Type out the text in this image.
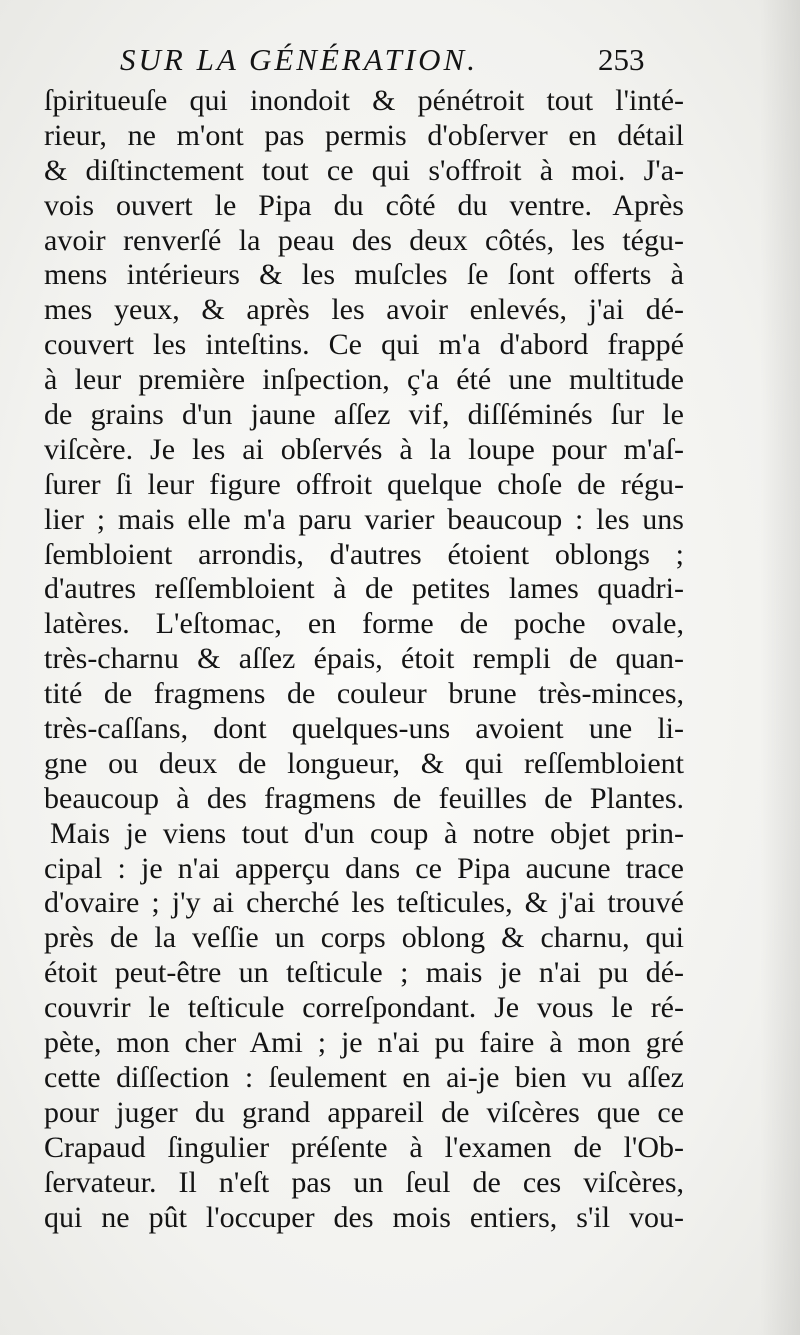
SUR LA GÉNÉRATION.	253
ſpiritueuſe qui inondoit & pénétroit tout l'inté-
rieur, ne m'ont pas permis d'obſerver en détail
& diſtinctement tout ce qui s'offroit à moi. J'a-
vois ouvert le Pipa du côté du ventre. Après
avoir renverſé la peau des deux côtés, les tégu-
mens intérieurs & les muſcles ſe ſont offerts à
mes yeux, & après les avoir enlevés, j'ai dé-
couvert les inteſtins. Ce qui m'a d'abord frappé
à leur première inſpection, ç'a été une multitude
de grains d'un jaune aſſez vif, diſſéminés ſur le
viſcère. Je les ai obſervés à la loupe pour m'aſ-
ſurer ſi leur figure offroit quelque choſe de régu-
lier ; mais elle m'a paru varier beaucoup : les uns
ſembloient arrondis, d'autres étoient oblongs ;
d'autres reſſembloient à de petites lames quadri-
latères. L'eſtomac, en forme de poche ovale,
très-charnu & aſſez épais, étoit rempli de quan-
tité de fragmens de couleur brune très-minces,
très-caſſans, dont quelques-uns avoient une li-
gne ou deux de longueur, & qui reſſembloient
beaucoup à des fragmens de feuilles de Plantes.
Mais je viens tout d'un coup à notre objet prin-
cipal : je n'ai apperçu dans ce Pipa aucune trace
d'ovaire ; j'y ai cherché les teſticules, & j'ai trouvé
près de la veſſie un corps oblong & charnu, qui
étoit peut-être un teſticule ; mais je n'ai pu dé-
couvrir le teſticule correſpondant. Je vous le ré-
pète, mon cher Ami ; je n'ai pu faire à mon gré
cette diſſection : ſeulement en ai-je bien vu aſſez
pour juger du grand appareil de viſcères que ce
Crapaud ſingulier préſente à l'examen de l'Ob-
ſervateur. Il n'eſt pas un ſeul de ces viſcères,
qui ne pût l'occuper des mois entiers, s'il vou-
